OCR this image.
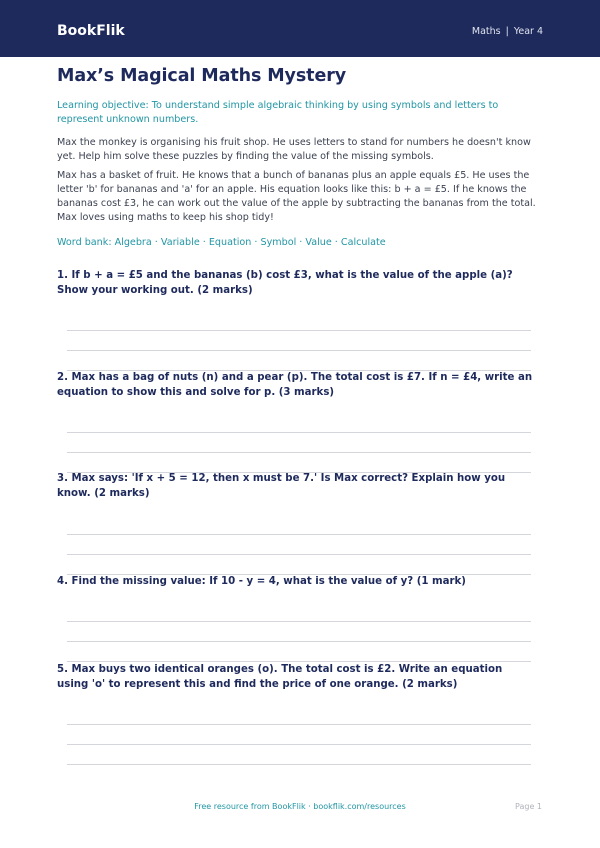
BookFlik	Maths | Year 4
Max’s Magical Maths Mystery

Learning objective: To understand simple algebraic thinking by using symbols and letters to represent unknown numbers.

Max the monkey is organising his fruit shop. He uses letters to stand for numbers he doesn't know yet. Help him solve these puzzles by finding the value of the missing symbols.

Max has a basket of fruit. He knows that a bunch of bananas plus an apple equals £5. He uses the letter 'b' for bananas and 'a' for an apple. His equation looks like this: b + a = £5. If he knows the bananas cost £3, he can work out the value of the apple by subtracting the bananas from the total. Max loves using maths to keep his shop tidy!

Word bank: Algebra · Variable · Equation · Symbol · Value · Calculate

1. If b + a = £5 and the bananas (b) cost £3, what is the value of the apple (a)? Show your working out. (2 marks)

2. Max has a bag of nuts (n) and a pear (p). The total cost is £7. If n = £4, write an equation to show this and solve for p. (3 marks)

3. Max says: 'If x + 5 = 12, then x must be 7.' Is Max correct? Explain how you know. (2 marks)

4. Find the missing value: If 10 - y = 4, what is the value of y? (1 mark)

5. Max buys two identical oranges (o). The total cost is £2. Write an equation using 'o' to represent this and find the price of one orange. (2 marks)

Free resource from BookFlik · bookflik.com/resources	Page 1
